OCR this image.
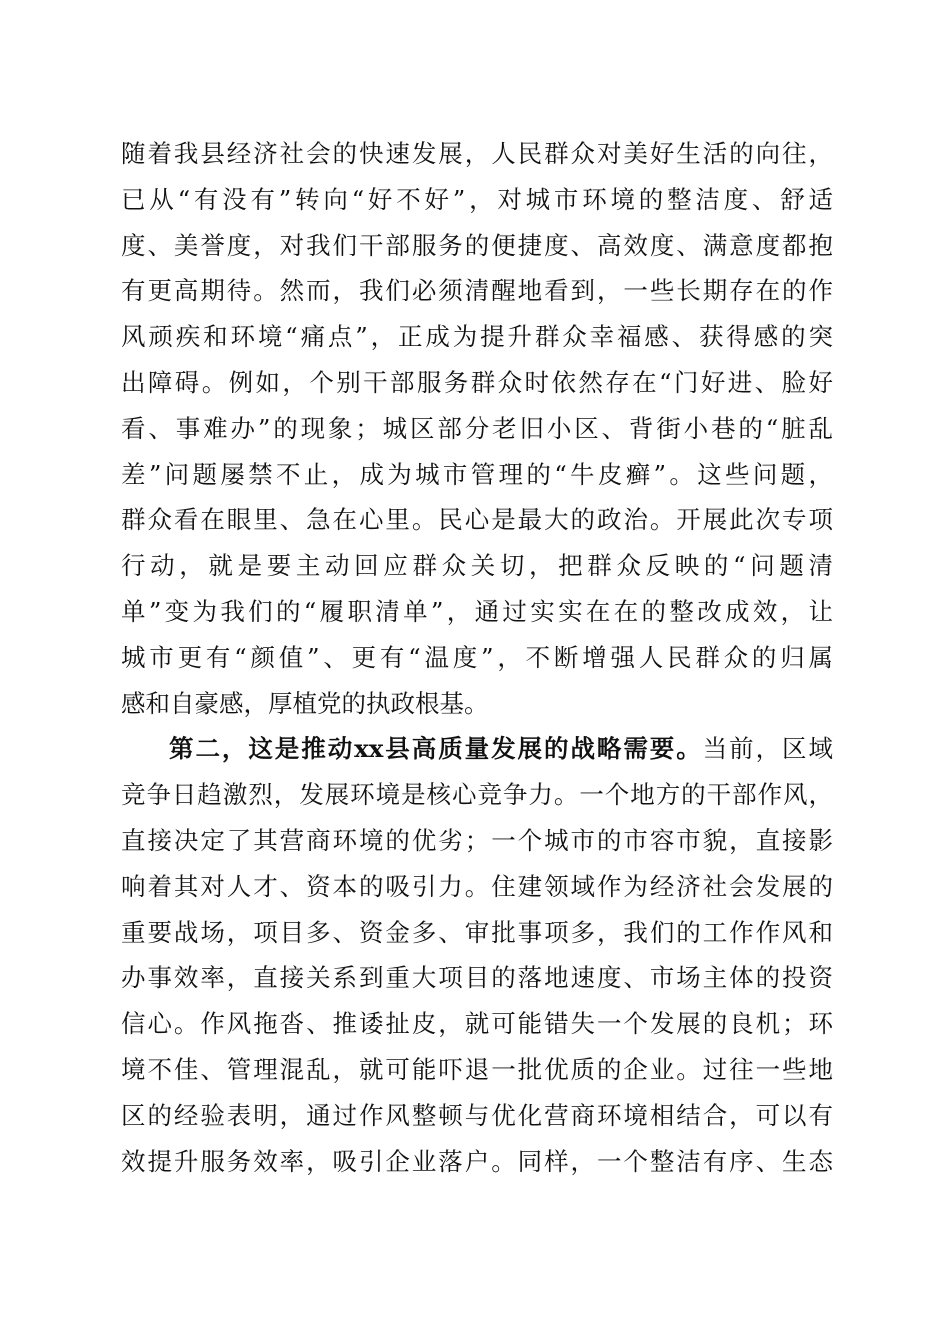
随着我县经济社会的快速发展，人民群众对美好生活的向往，
已从“有没有”转向“好不好”，对城市环境的整洁度、舒适
度、美誉度，对我们干部服务的便捷度、高效度、满意度都抱
有更高期待。然而，我们必须清醒地看到，一些长期存在的作
风顽疾和环境“痛点”，正成为提升群众幸福感、获得感的突
出障碍。例如，个别干部服务群众时依然存在“门好进、脸好
看、事难办”的现象；城区部分老旧小区、背街小巷的“脏乱
差”问题屡禁不止，成为城市管理的“牛皮癣”。这些问题，
群众看在眼里、急在心里。民心是最大的政治。开展此次专项
行动，就是要主动回应群众关切，把群众反映的“问题清
单”变为我们的“履职清单”，通过实实在在的整改成效，让
城市更有“颜值”、更有“温度”，不断增强人民群众的归属
感和自豪感，厚植党的执政根基。
第二，这是推动xx县高质量发展的战略需要。当前，区域
竞争日趋激烈，发展环境是核心竞争力。一个地方的干部作风，
直接决定了其营商环境的优劣；一个城市的市容市貌，直接影
响着其对人才、资本的吸引力。住建领域作为经济社会发展的
重要战场，项目多、资金多、审批事项多，我们的工作作风和
办事效率，直接关系到重大项目的落地速度、市场主体的投资
信心。作风拖沓、推诿扯皮，就可能错失一个发展的良机；环
境不佳、管理混乱，就可能吓退一批优质的企业。过往一些地
区的经验表明，通过作风整顿与优化营商环境相结合，可以有
效提升服务效率，吸引企业落户。同样，一个整洁有序、生态
